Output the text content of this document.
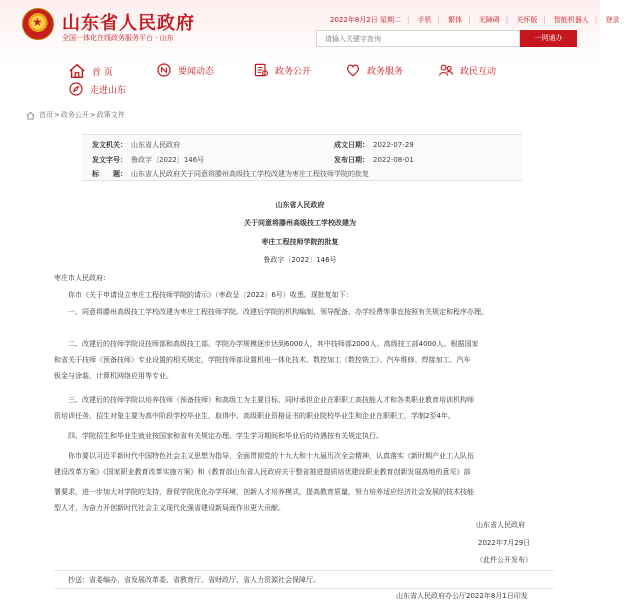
★
山东省人民政府
全国一体化在线政务服务平台 · 山东
2022年8月2日 星期二 | 手机 | 繁体 | 无障碍 | 关怀版 | 智能机器人 | 登录
请输入关键字查询
一网通办
首 页	要闻动态	政务公开	政务服务	政民互动
走进山东
首页 > 政务公开 > 政策文件
发文机关： 山东省人民政府	成文日期： 2022-07-29
发文字号： 鲁政字〔2022〕146号	发布日期： 2022-08-01
标　　题： 山东省人民政府关于同意将滕州高级技工学校改建为枣庄工程技师学院的批复
山东省人民政府
关于同意将滕州高级技工学校改建为
枣庄工程技师学院的批复
鲁政字〔2022〕146号
枣庄市人民政府：
你市《关于申请设立枣庄工程技师学院的请示》（枣政呈〔2022〕6号）收悉。现批复如下：
一、同意将滕州高级技工学校改建为枣庄工程技师学院。改建后学院的机构编制、领导配备、办学经费等事宜按照有关规定和程序办理。
二、改建后的技师学院设技师部和高级技工部。学院办学规模逐步达到6000人，其中技师部2000人、高级技工部4000人。根据国家
和省关于技师（预备技师）专业设置的相关规定，学院技师部设置机电一体化技术、数控加工（数控铣工）、汽车维修、焊接加工、汽车
钣金与涂装、计算机网络应用等专业。
三、改建后的技师学院以培养技师（预备技师）和高级工为主要目标，同时承担企业在职职工高技能人才和各类职业教育培训机构师
资培训任务。招生对象主要为高中阶段学校毕业生，取得中、高级职业资格证书的职业院校毕业生和企业在职职工，学制2至4年。
四、学院招生和毕业生就业按国家和省有关规定办理。学生学习期间和毕业后的待遇按有关规定执行。
你市要以习近平新时代中国特色社会主义思想为指导，全面贯彻党的十九大和十九届历次全会精神，认真落实《新时期产业工人队伍
建设改革方案》《国家职业教育改革实施方案》和《教育部山东省人民政府关于整省推进提质培优建设职业教育创新发展高地的意见》部
署要求，进一步加大对学院的支持，督促学院优化办学环境，创新人才培养模式，提高教育质量，努力培养适应经济社会发展的技术技能
型人才，为奋力开创新时代社会主义现代化强省建设新局面作出更大贡献。
山东省人民政府
2022年7月29日
（此件公开发布）
抄送：省委编办，省发展改革委、省教育厅、省财政厅、省人力资源社会保障厅。
山东省人民政府办公厅2022年8月1日印发
